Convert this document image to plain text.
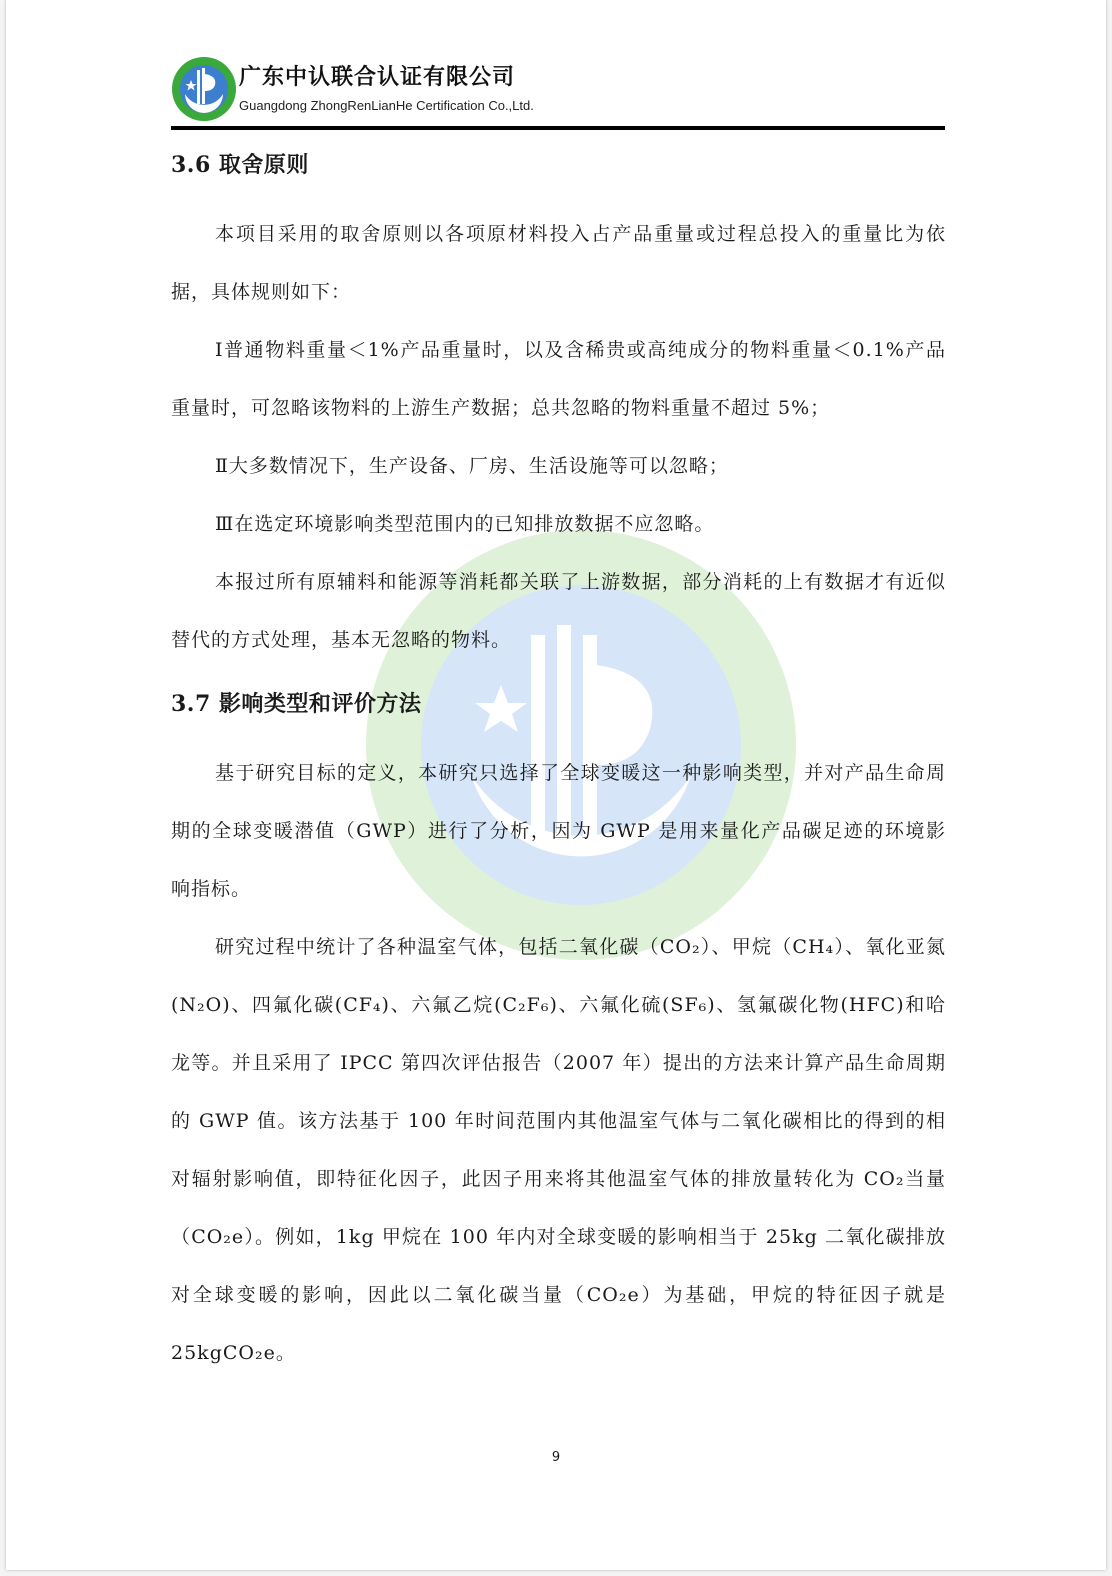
广东中认联合认证有限公司
Guangdong ZhongRenLianHe Certification Co.,Ltd.
3.6 取舍原则

本项目采用的取舍原则以各项原材料投入占产品重量或过程总投入的重量比为依据，具体规则如下：

Ⅰ普通物料重量＜1%产品重量时，以及含稀贵或高纯成分的物料重量＜0.1%产品重量时，可忽略该物料的上游生产数据；总共忽略的物料重量不超过 5%；

Ⅱ大多数情况下，生产设备、厂房、生活设施等可以忽略；

Ⅲ在选定环境影响类型范围内的已知排放数据不应忽略。

本报过所有原辅料和能源等消耗都关联了上游数据，部分消耗的上有数据才有近似替代的方式处理，基本无忽略的物料。

3.7 影响类型和评价方法

基于研究目标的定义，本研究只选择了全球变暖这一种影响类型，并对产品生命周期的全球变暖潜值（GWP）进行了分析，因为 GWP 是用来量化产品碳足迹的环境影响指标。

研究过程中统计了各种温室气体，包括二氧化碳（CO₂）、甲烷（CH₄）、氧化亚氮(N₂O)、四氟化碳(CF₄)、六氟乙烷(C₂F₆)、六氟化硫(SF₆)、氢氟碳化物(HFC)和哈龙等。并且采用了 IPCC 第四次评估报告（2007 年）提出的方法来计算产品生命周期的 GWP 值。该方法基于 100 年时间范围内其他温室气体与二氧化碳相比的得到的相对辐射影响值，即特征化因子，此因子用来将其他温室气体的排放量转化为 CO₂当量（CO₂e）。例如，1kg 甲烷在 100 年内对全球变暖的影响相当于 25kg 二氧化碳排放对全球变暖的影响，因此以二氧化碳当量（CO₂e）为基础，甲烷的特征因子就是 25kgCO₂e。

9
